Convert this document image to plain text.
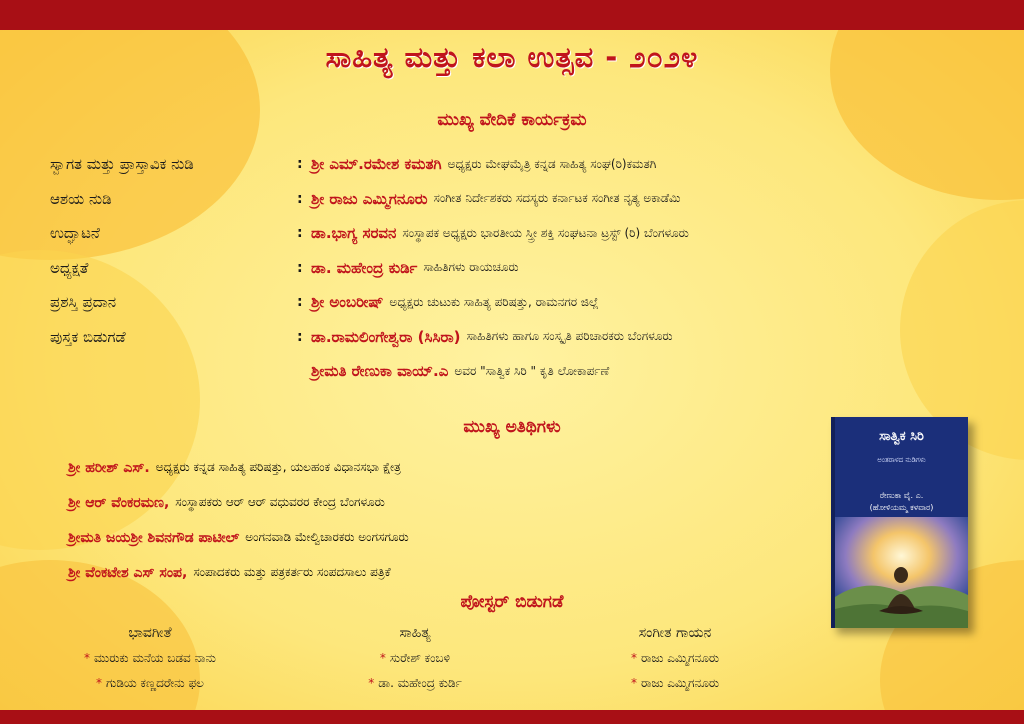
ಸಾಹಿತ್ಯ ಮತ್ತು ಕಲಾ ಉತ್ಸವ - ೨೦೨೪
ಮುಖ್ಯ ವೇದಿಕೆ ಕಾರ್ಯಕ್ರಮ
ಸ್ವಾಗತ ಮತ್ತು ಪ್ರಾಸ್ತಾವಿಕ ನುಡಿ	: ಶ್ರೀ ಎಮ್.ರಮೇಶ ಕಮತಗಿ ಅಧ್ಯಕ್ಷರು ಮೇಘಮೈತ್ರಿ ಕನ್ನಡ ಸಾಹಿತ್ಯ ಸಂಘ(ರಿ)ಕಮತಗಿ
ಆಶಯ ನುಡಿ	: ಶ್ರೀ ರಾಜು ಎಮ್ಮಿಗನೂರು ಸಂಗೀತ ನಿರ್ದೇಶಕರು ಸದಸ್ಯರು ಕರ್ನಾಟಕ ಸಂಗೀತ ನೃತ್ಯ ಅಕಾಡೆಮಿ
ಉದ್ಘಾಟನೆ	: ಡಾ.ಭಾಗ್ಯ ಸರವನ ಸಂಸ್ಥಾಪಕ ಅಧ್ಯಕ್ಷರು ಭಾರತೀಯ ಸ್ತ್ರೀ ಶಕ್ತಿ ಸಂಘಟನಾ ಟ್ರಸ್ಟ್ (ರಿ) ಬೆಂಗಳೂರು
ಅಧ್ಯಕ್ಷತೆ	: ಡಾ. ಮಹೇಂದ್ರ ಕುರ್ಡಿ ಸಾಹಿತಿಗಳು ರಾಯಚೂರು
ಪ್ರಶಸ್ತಿ ಪ್ರದಾನ	: ಶ್ರೀ ಅಂಬರೀಷ್ ಅಧ್ಯಕ್ಷರು ಚುಟುಕು ಸಾಹಿತ್ಯ ಪರಿಷತ್ತು, ರಾಮನಗರ ಜಿಲ್ಲೆ
ಪುಸ್ತಕ ಬಿಡುಗಡೆ	: ಡಾ.ರಾಮಲಿಂಗೇಶ್ವರಾ (ಸಿಸಿರಾ) ಸಾಹಿತಿಗಳು ಹಾಗೂ ಸಂಸ್ಕೃತಿ ಪರಿಚಾರಕರು ಬೆಂಗಳೂರು
ಶ್ರೀಮತಿ ರೇಣುಕಾ ವಾಯ್.ಎ ಅವರ "ಸಾತ್ವಿಕ ಸಿರಿ " ಕೃತಿ ಲೋಕಾರ್ಪಣೆ
ಮುಖ್ಯ ಅತಿಥಿಗಳು
ಶ್ರೀ ಹರೀಶ್ ಎಸ್. ಅಧ್ಯಕ್ಷರು ಕನ್ನಡ ಸಾಹಿತ್ಯ ಪರಿಷತ್ತು, ಯಲಹಂಕ ವಿಧಾನಸಭಾ ಕ್ಷೇತ್ರ
ಶ್ರೀ ಆರ್ ವೆಂಕರಮಣ, ಸಂಸ್ಥಾಪಕರು ಆರ್ ಆರ್ ವಧುವರರ ಕೇಂದ್ರ ಬೆಂಗಳೂರು
ಶ್ರೀಮತಿ ಜಯಶ್ರೀ ಶಿವನಗೌಡ ಪಾಟೀಲ್ ಅಂಗನವಾಡಿ ಮೇಲ್ವಿಚಾರಕರು ಅಂಗಸಗೂರು
ಶ್ರೀ ವೆಂಕಟೇಶ ಎಸ್ ಸಂಪ, ಸಂಪಾದಕರು ಮತ್ತು ಪತ್ರಕರ್ತರು ಸಂಪದಸಾಲು ಪತ್ರಿಕೆ
ಪೋಸ್ಟರ್ ಬಿಡುಗಡೆ
ಭಾವಗೀತೆ
* ಮುರುಕು ಮನೆಯ ಬಡವ ನಾನು
* ಗುಡಿಯ ಕಣ್ಣದರೇನು ಫಲ
ಸಾಹಿತ್ಯ
* ಸುರೇಶ್ ಕಂಬಳಿ
* ಡಾ. ಮಹೇಂದ್ರ ಕುರ್ಡಿ
ಸಂಗೀತ ಗಾಯನ
* ರಾಜು ಎಮ್ಮಿಗನೂರು
* ರಾಜು ಎಮ್ಮಿಗನೂರು
ಸಾತ್ವಿಕ ಸಿರಿ
ಅಂತರಾಳದ ನುಡಿಗಳು
ರೇಣುಕಾ ವೈ. ಎ.
(ಹೋಳಿಯಮ್ಮ ಕಳವಾರ)
